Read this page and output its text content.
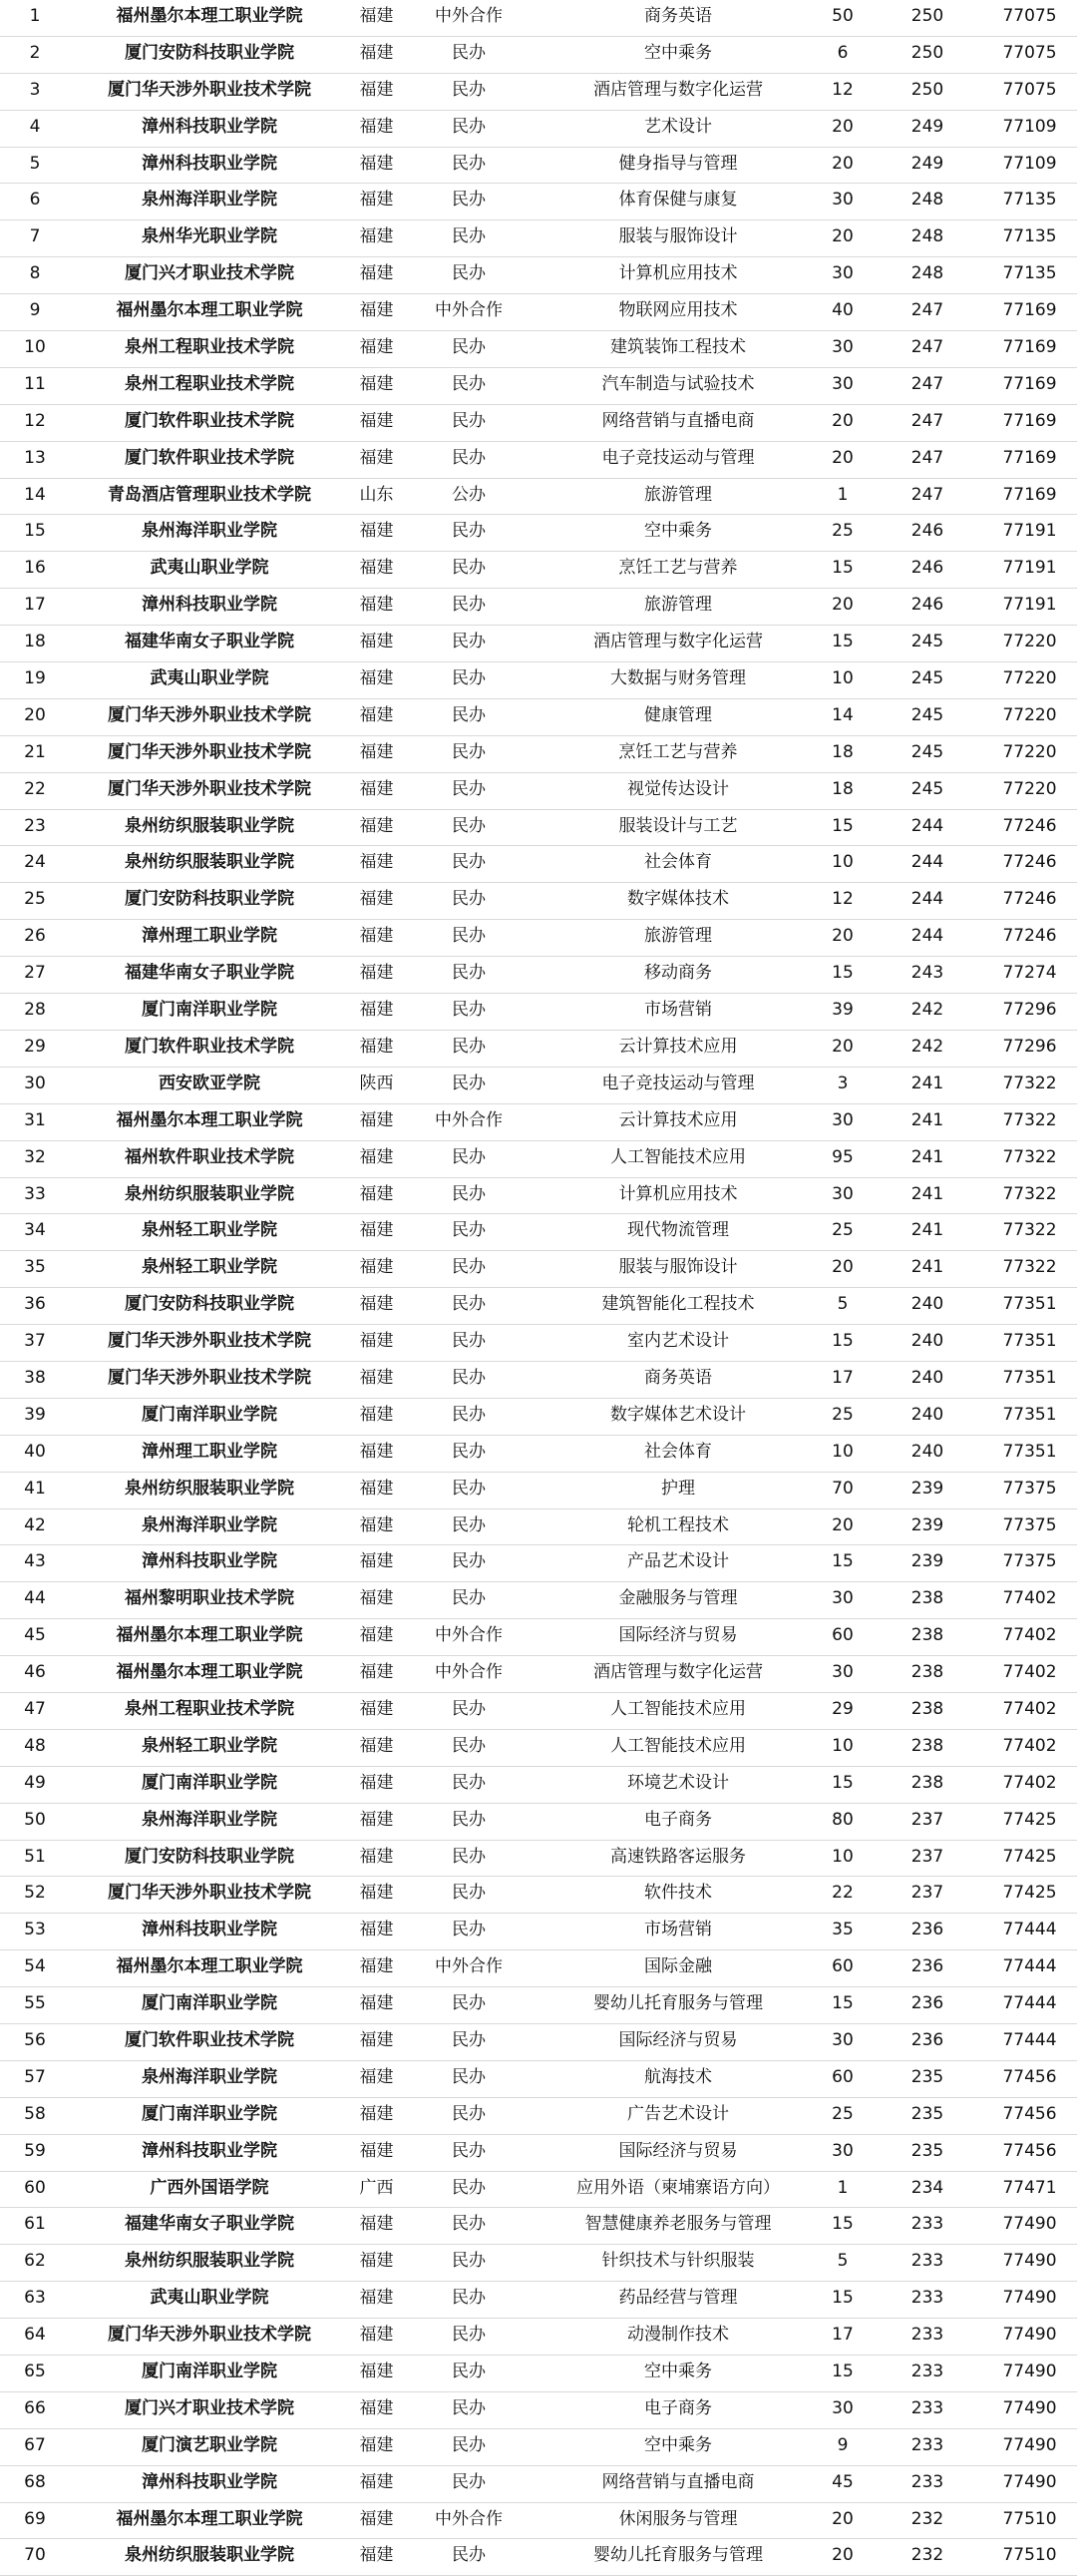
1	福州墨尔本理工职业学院	福建	中外合作	商务英语	50	250	77075
2	厦门安防科技职业学院	福建	民办	空中乘务	6	250	77075
3	厦门华天涉外职业技术学院	福建	民办	酒店管理与数字化运营	12	250	77075
4	漳州科技职业学院	福建	民办	艺术设计	20	249	77109
5	漳州科技职业学院	福建	民办	健身指导与管理	20	249	77109
6	泉州海洋职业学院	福建	民办	体育保健与康复	30	248	77135
7	泉州华光职业学院	福建	民办	服装与服饰设计	20	248	77135
8	厦门兴才职业技术学院	福建	民办	计算机应用技术	30	248	77135
9	福州墨尔本理工职业学院	福建	中外合作	物联网应用技术	40	247	77169
10	泉州工程职业技术学院	福建	民办	建筑装饰工程技术	30	247	77169
11	泉州工程职业技术学院	福建	民办	汽车制造与试验技术	30	247	77169
12	厦门软件职业技术学院	福建	民办	网络营销与直播电商	20	247	77169
13	厦门软件职业技术学院	福建	民办	电子竞技运动与管理	20	247	77169
14	青岛酒店管理职业技术学院	山东	公办	旅游管理	1	247	77169
15	泉州海洋职业学院	福建	民办	空中乘务	25	246	77191
16	武夷山职业学院	福建	民办	烹饪工艺与营养	15	246	77191
17	漳州科技职业学院	福建	民办	旅游管理	20	246	77191
18	福建华南女子职业学院	福建	民办	酒店管理与数字化运营	15	245	77220
19	武夷山职业学院	福建	民办	大数据与财务管理	10	245	77220
20	厦门华天涉外职业技术学院	福建	民办	健康管理	14	245	77220
21	厦门华天涉外职业技术学院	福建	民办	烹饪工艺与营养	18	245	77220
22	厦门华天涉外职业技术学院	福建	民办	视觉传达设计	18	245	77220
23	泉州纺织服装职业学院	福建	民办	服装设计与工艺	15	244	77246
24	泉州纺织服装职业学院	福建	民办	社会体育	10	244	77246
25	厦门安防科技职业学院	福建	民办	数字媒体技术	12	244	77246
26	漳州理工职业学院	福建	民办	旅游管理	20	244	77246
27	福建华南女子职业学院	福建	民办	移动商务	15	243	77274
28	厦门南洋职业学院	福建	民办	市场营销	39	242	77296
29	厦门软件职业技术学院	福建	民办	云计算技术应用	20	242	77296
30	西安欧亚学院	陕西	民办	电子竞技运动与管理	3	241	77322
31	福州墨尔本理工职业学院	福建	中外合作	云计算技术应用	30	241	77322
32	福州软件职业技术学院	福建	民办	人工智能技术应用	95	241	77322
33	泉州纺织服装职业学院	福建	民办	计算机应用技术	30	241	77322
34	泉州轻工职业学院	福建	民办	现代物流管理	25	241	77322
35	泉州轻工职业学院	福建	民办	服装与服饰设计	20	241	77322
36	厦门安防科技职业学院	福建	民办	建筑智能化工程技术	5	240	77351
37	厦门华天涉外职业技术学院	福建	民办	室内艺术设计	15	240	77351
38	厦门华天涉外职业技术学院	福建	民办	商务英语	17	240	77351
39	厦门南洋职业学院	福建	民办	数字媒体艺术设计	25	240	77351
40	漳州理工职业学院	福建	民办	社会体育	10	240	77351
41	泉州纺织服装职业学院	福建	民办	护理	70	239	77375
42	泉州海洋职业学院	福建	民办	轮机工程技术	20	239	77375
43	漳州科技职业学院	福建	民办	产品艺术设计	15	239	77375
44	福州黎明职业技术学院	福建	民办	金融服务与管理	30	238	77402
45	福州墨尔本理工职业学院	福建	中外合作	国际经济与贸易	60	238	77402
46	福州墨尔本理工职业学院	福建	中外合作	酒店管理与数字化运营	30	238	77402
47	泉州工程职业技术学院	福建	民办	人工智能技术应用	29	238	77402
48	泉州轻工职业学院	福建	民办	人工智能技术应用	10	238	77402
49	厦门南洋职业学院	福建	民办	环境艺术设计	15	238	77402
50	泉州海洋职业学院	福建	民办	电子商务	80	237	77425
51	厦门安防科技职业学院	福建	民办	高速铁路客运服务	10	237	77425
52	厦门华天涉外职业技术学院	福建	民办	软件技术	22	237	77425
53	漳州科技职业学院	福建	民办	市场营销	35	236	77444
54	福州墨尔本理工职业学院	福建	中外合作	国际金融	60	236	77444
55	厦门南洋职业学院	福建	民办	婴幼儿托育服务与管理	15	236	77444
56	厦门软件职业技术学院	福建	民办	国际经济与贸易	30	236	77444
57	泉州海洋职业学院	福建	民办	航海技术	60	235	77456
58	厦门南洋职业学院	福建	民办	广告艺术设计	25	235	77456
59	漳州科技职业学院	福建	民办	国际经济与贸易	30	235	77456
60	广西外国语学院	广西	民办	应用外语（柬埔寨语方向）	1	234	77471
61	福建华南女子职业学院	福建	民办	智慧健康养老服务与管理	15	233	77490
62	泉州纺织服装职业学院	福建	民办	针织技术与针织服装	5	233	77490
63	武夷山职业学院	福建	民办	药品经营与管理	15	233	77490
64	厦门华天涉外职业技术学院	福建	民办	动漫制作技术	17	233	77490
65	厦门南洋职业学院	福建	民办	空中乘务	15	233	77490
66	厦门兴才职业技术学院	福建	民办	电子商务	30	233	77490
67	厦门演艺职业学院	福建	民办	空中乘务	9	233	77490
68	漳州科技职业学院	福建	民办	网络营销与直播电商	45	233	77490
69	福州墨尔本理工职业学院	福建	中外合作	休闲服务与管理	20	232	77510
70	泉州纺织服装职业学院	福建	民办	婴幼儿托育服务与管理	20	232	77510
